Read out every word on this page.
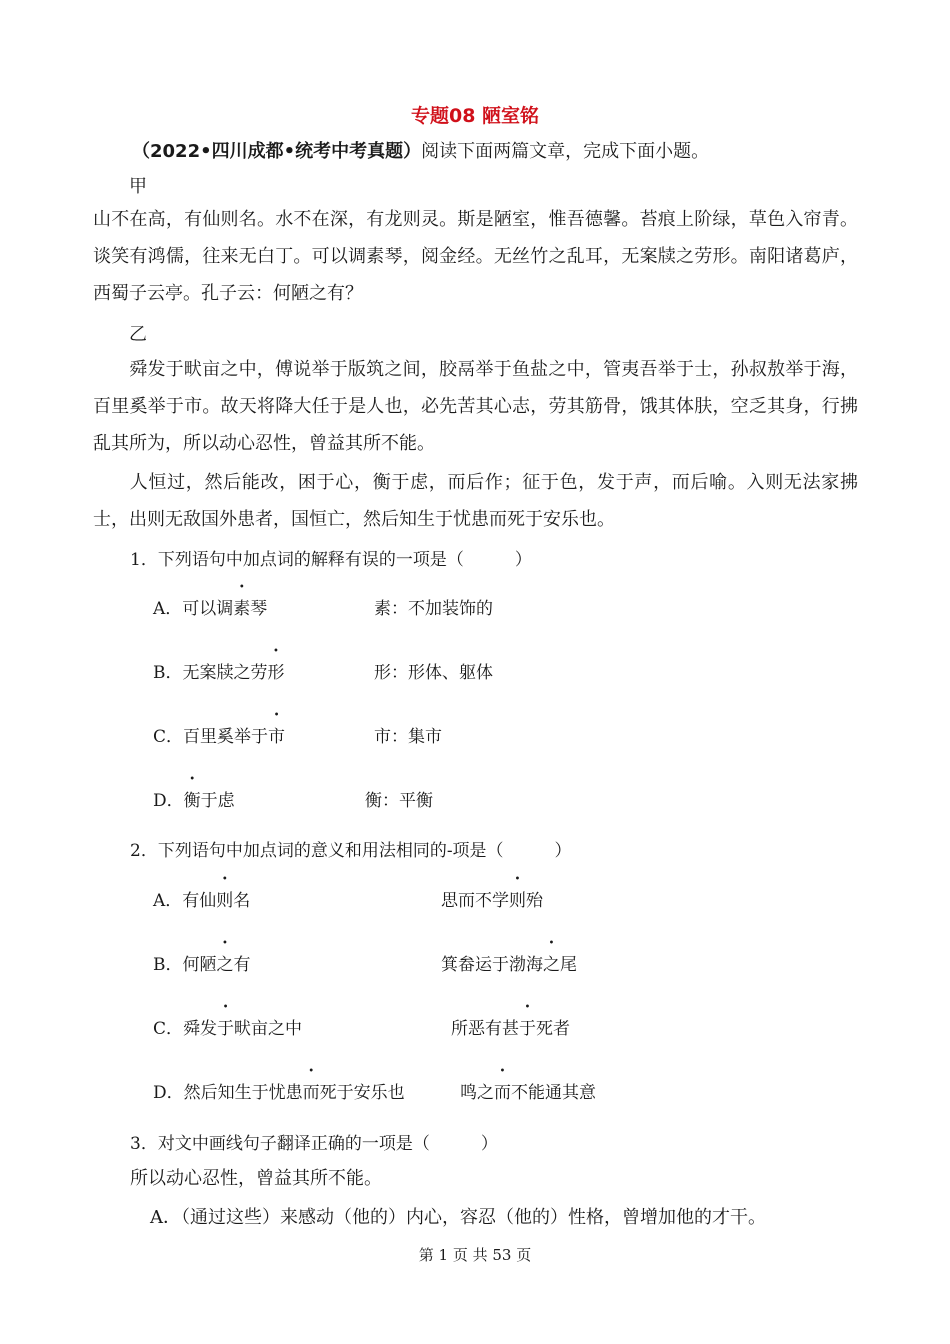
专题08 陋室铭
（2022•四川成都•统考中考真题）阅读下面两篇文章，完成下面小题。
甲
山不在高，有仙则名。水不在深，有龙则灵。斯是陋室，惟吾德馨。苔痕上阶绿，草色入帘青。谈笑有鸿儒，往来无白丁。可以调素琴，阅金经。无丝竹之乱耳，无案牍之劳形。南阳诸葛庐，西蜀子云亭。孔子云：何陋之有？
乙
舜发于畎亩之中，傅说举于版筑之间，胶鬲举于鱼盐之中，管夷吾举于士，孙叔敖举于海，百里奚举于市。故天将降大任于是人也，必先苦其心志，劳其筋骨，饿其体肤，空乏其身，行拂乱其所为，所以动心忍性，曾益其所不能。
人恒过，然后能改，困于心，衡于虑，而后作；征于色，发于声，而后喻。入则无法家拂士，出则无敌国外患者，国恒亡，然后知生于忧患而死于安乐也。
1．下列语句中加点词的解释有误的一项是（　　　）
A．可以调素琴	素：不加装饰的
B．无案牍之劳形	形：形体、躯体
C．百里奚举于市	市：集市
D．衡于虑	衡：平衡
2．下列语句中加点词的意义和用法相同的-项是（　　　）
A．有仙则名	思而不学则殆
B．何陋之有	箕畚运于渤海之尾
C．舜发于畎亩之中	所恶有甚于死者
D．然后知生于忧患而死于安乐也	鸣之而不能通其意
3．对文中画线句子翻译正确的一项是（　　　）
所以动心忍性，曾益其所不能。
A．（通过这些）来感动（他的）内心，容忍（他的）性格，曾增加他的才干。
第 1 页 共 53 页
